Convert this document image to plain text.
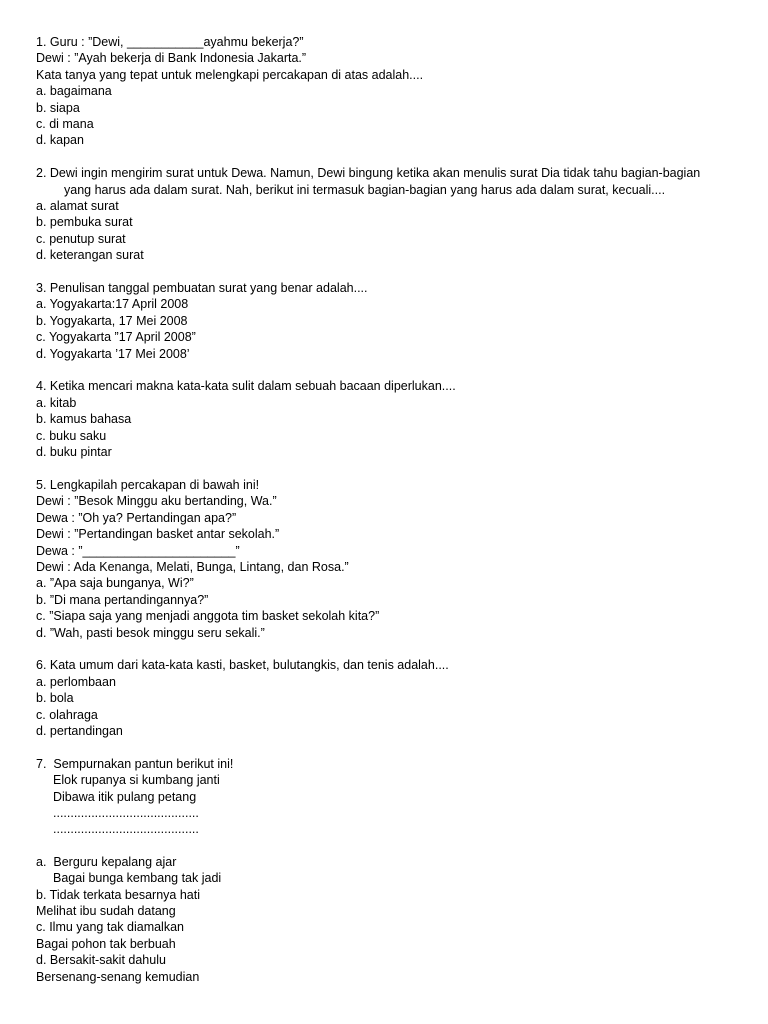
1. Guru : ”Dewi, ___________ayahmu bekerja?”
Dewi : ”Ayah bekerja di Bank Indonesia Jakarta.”
Kata tanya yang tepat untuk melengkapi percakapan di atas adalah....
a. bagaimana
b. siapa
c. di mana
d. kapan
2. Dewi ingin mengirim surat untuk Dewa. Namun, Dewi bingung ketika akan menulis surat Dia tidak tahu bagian-bagian
yang harus ada dalam surat. Nah, berikut ini termasuk bagian-bagian yang harus ada dalam surat, kecuali....
a. alamat surat
b. pembuka surat
c. penutup surat
d. keterangan surat
3. Penulisan tanggal pembuatan surat yang benar adalah....
a. Yogyakarta:17 April 2008
b. Yogyakarta, 17 Mei 2008
c. Yogyakarta ”17 April 2008”
d. Yogyakarta ’17 Mei 2008’
4. Ketika mencari makna kata-kata sulit dalam sebuah bacaan diperlukan....
a. kitab
b. kamus bahasa
c. buku saku
d. buku pintar
5. Lengkapilah percakapan di bawah ini!
Dewi : ”Besok Minggu aku bertanding, Wa.”
Dewa : ”Oh ya? Pertandingan apa?”
Dewi : ”Pertandingan basket antar sekolah.”
Dewa : ”______________________”
Dewi : Ada Kenanga, Melati, Bunga, Lintang, dan Rosa.”
a. ”Apa saja bunganya, Wi?”
b. ”Di mana pertandingannya?”
c. ”Siapa saja yang menjadi anggota tim basket sekolah kita?”
d. ”Wah, pasti besok minggu seru sekali.”
6. Kata umum dari kata-kata kasti, basket, bulutangkis, dan tenis adalah....
a. perlombaan
b. bola
c. olahraga
d. pertandingan
7.  Sempurnakan pantun berikut ini!
Elok rupanya si kumbang janti
Dibawa itik pulang petang
..........................................
..........................................
a.  Berguru kepalang ajar
Bagai bunga kembang tak jadi
b. Tidak terkata besarnya hati
Melihat ibu sudah datang
c. Ilmu yang tak diamalkan
Bagai pohon tak berbuah
d. Bersakit-sakit dahulu
Bersenang-senang kemudian
